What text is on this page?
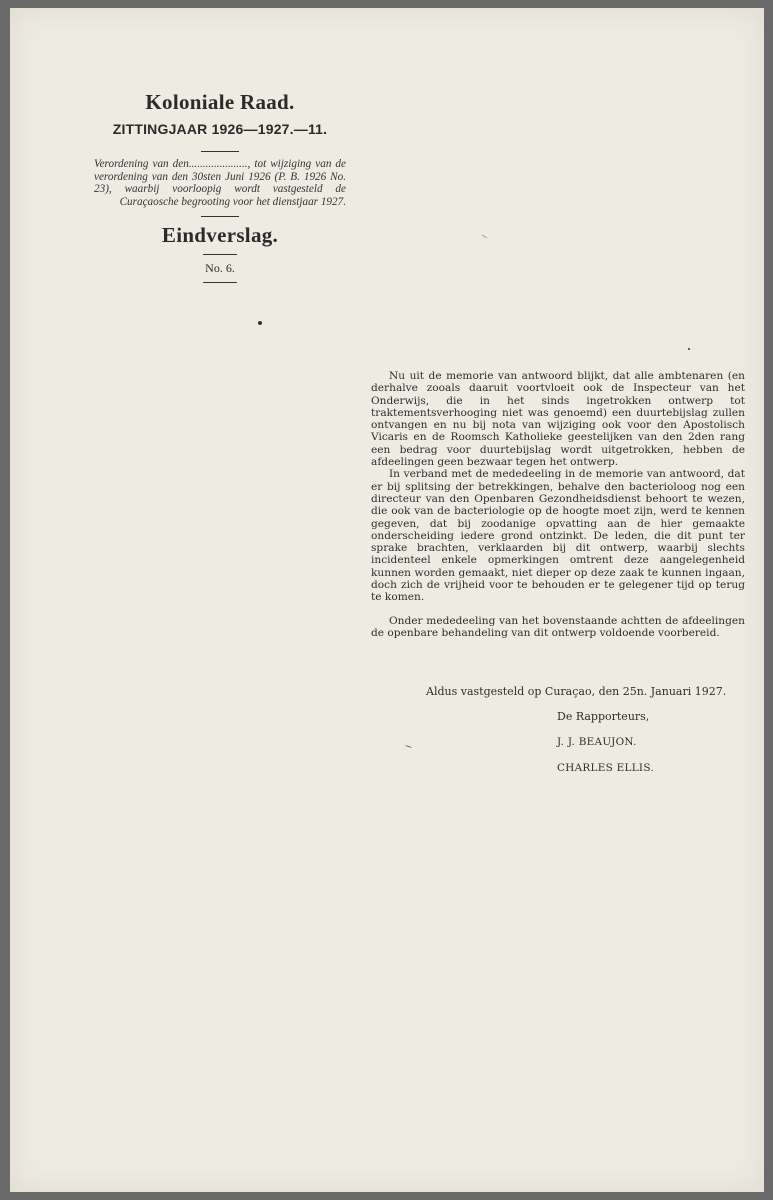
Koloniale Raad.
ZITTINGJAAR 1926—1927.—11.
Verordening van den....................., tot wijziging van de verordening van den 30sten Juni 1926 (P. B. 1926 No. 23), waarbij voorloopig wordt vastgesteld de Curaçaosche begrooting voor het dienstjaar 1927.
Eindverslag.
No. 6.

Nu uit de memorie van antwoord blijkt, dat alle ambtenaren (en derhalve zooals daaruit voortvloeit ook de Inspecteur van het Onderwijs, die in het sinds ingetrokken ontwerp tot traktementsverhooging niet was genoemd) een duurtebijslag zullen ontvangen en nu bij nota van wijziging ook voor den Apostolisch Vicaris en de Roomsch Katholieke geestelijken van den 2den rang een bedrag voor duurtebijslag wordt uitgetrokken, hebben de afdeelingen geen bezwaar tegen het ontwerp.

In verband met de mededeeling in de memorie van antwoord, dat er bij splitsing der betrekkingen, behalve den bacterioloog nog een directeur van den Openbaren Gezondheidsdienst behoort te wezen, die ook van de bacteriologie op de hoogte moet zijn, werd te kennen gegeven, dat bij zoodanige opvatting aan de hier gemaakte onderscheiding iedere grond ontzinkt. De leden, die dit punt ter sprake brachten, verklaarden bij dit ontwerp, waarbij slechts incidenteel enkele opmerkingen omtrent deze aangelegenheid kunnen worden gemaakt, niet dieper op deze zaak te kunnen ingaan, doch zich de vrijheid voor te behouden er te gelegener tijd op terug te komen.

Onder mededeeling van het bovenstaande achtten de afdeelingen de openbare behandeling van dit ontwerp voldoende voorbereid.

Aldus vastgesteld op Curaçao, den 25n. Januari 1927.
De Rapporteurs,
J. J. BEAUJON.
CHARLES ELLIS.
